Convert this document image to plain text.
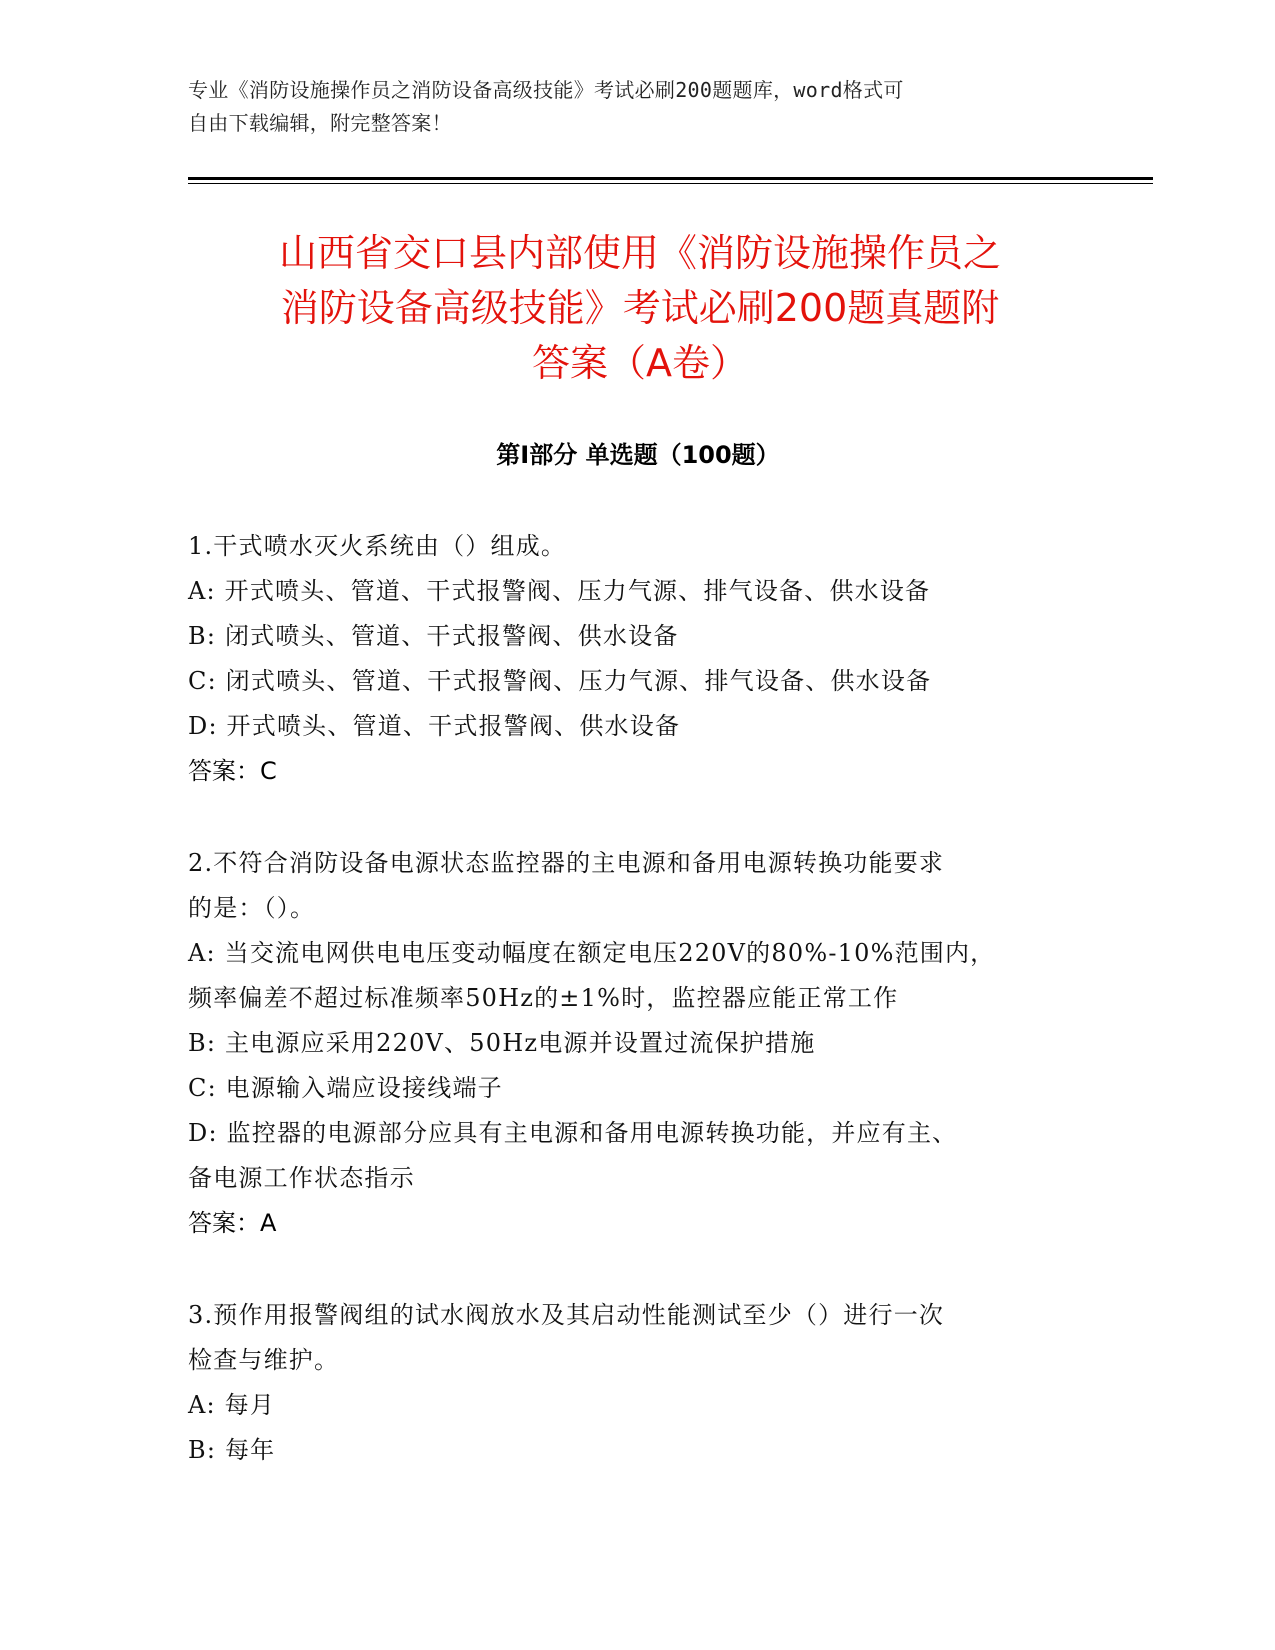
专业《消防设施操作员之消防设备高级技能》考试必刷200题题库，word格式可
自由下载编辑，附完整答案！
山西省交口县内部使用《消防设施操作员之
消防设备高级技能》考试必刷200题真题附
答案（A卷）
第Ⅰ部分 单选题（100题）
1.干式喷水灭火系统由（）组成。
A: 开式喷头、管道、干式报警阀、压力气源、排气设备、供水设备
B: 闭式喷头、管道、干式报警阀、供水设备
C: 闭式喷头、管道、干式报警阀、压力气源、排气设备、供水设备
D: 开式喷头、管道、干式报警阀、供水设备
答案：C
2.不符合消防设备电源状态监控器的主电源和备用电源转换功能要求
的是：（）。
A: 当交流电网供电电压变动幅度在额定电压220V的80%-10%范围内，
频率偏差不超过标准频率50Hz的±1%时，监控器应能正常工作
B: 主电源应采用220V、50Hz电源并设置过流保护措施
C: 电源输入端应设接线端子
D: 监控器的电源部分应具有主电源和备用电源转换功能，并应有主、
备电源工作状态指示
答案：A
3.预作用报警阀组的试水阀放水及其启动性能测试至少（）进行一次
检查与维护。
A: 每月
B: 每年
